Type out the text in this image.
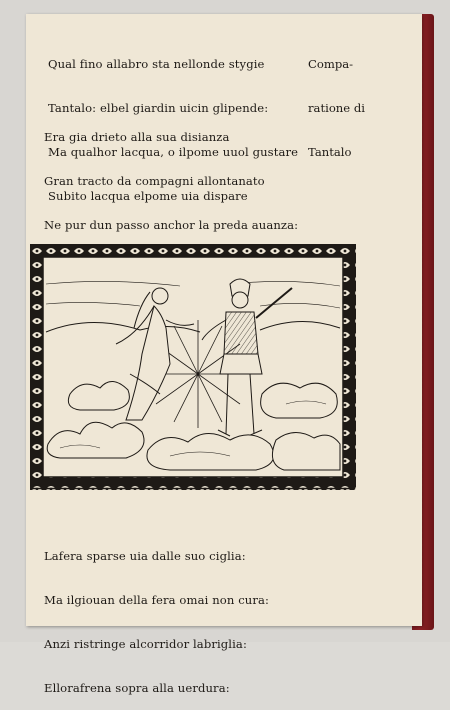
Qual fino allabro sta nellonde stygie

Tantalo: elbel giardin uicin glipende:

Ma qualhor lacqua, o ilpome uuol gustare

Subito lacqua elpome uia dispare

Compa-

ratione di

Tantalo

Era gia drieto alla sua disianza

Gran tracto da compagni allontanato

Ne pur dun passo anchor la preda auanza:

Lafera sparse uia dalle suo ciglia:

Ma ilgiouan della fera omai non cura:

Anzi ristringe alcorridor labriglia:

Ellorafrena sopra alla uerdura:
